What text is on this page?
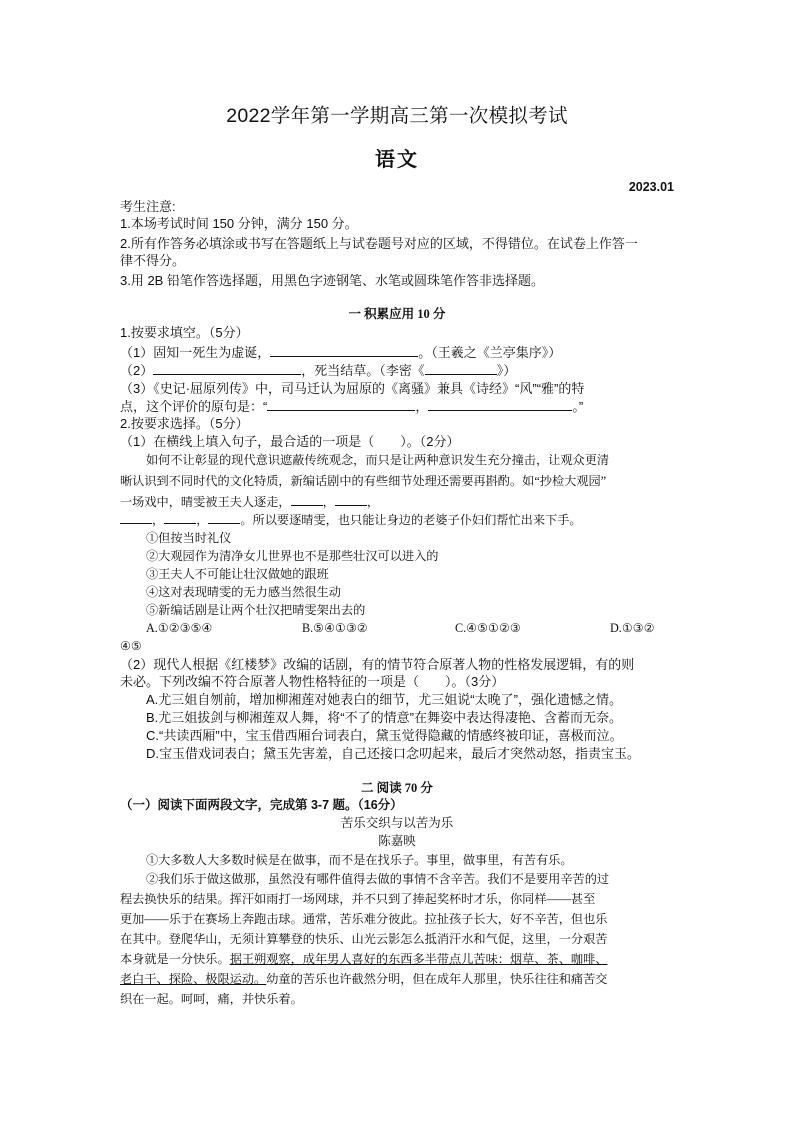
2022学年第一学期高三第一次模拟考试
语文
2023.01
考生注意:
1.本场考试时间 150 分钟，满分 150 分。
2.所有作答务必填涂或书写在答题纸上与试卷题号对应的区域，不得错位。在试卷上作答一
律不得分。
3.用 2B 铅笔作答选择题，用黑色字迹钢笔、水笔或圆珠笔作答非选择题。
一 积累应用 10 分
1.按要求填空。（5分）
（1）固知一死生为虚诞，	。（王羲之《兰亭集序》）
（2）	，死当结草。（李密《	》）
（3）《史记·屈原列传》中，司马迁认为屈原的《离骚》兼具《诗经》“风”“雅”的特
点，这个评价的原句是：“	，	。”
2.按要求选择。（5分）
（1）在横线上填入句子，最合适的一项是（　　）。（2分）
如何不让彰显的现代意识遮蔽传统观念，而只是让两种意识发生充分撞击，让观众更清
晰认识到不同时代的文化特质，新编话剧中的有些细节处理还需要再斟酌。如“抄检大观园”
一场戏中，晴雯被王夫人逐走，	，	，
，	，	。所以要逐晴雯，也只能让身边的老婆子仆妇们帮忙出来下手。
①但按当时礼仪
②大观园作为清净女儿世界也不是那些壮汉可以进入的
③王夫人不可能让壮汉做她的跟班
④这对表现晴雯的无力感当然很生动
⑤新编话剧是让两个壮汉把晴雯架出去的
A.①②③⑤④	B.⑤④①③②	C.④⑤①②③	D.①③②
④⑤
（2）现代人根据《红楼梦》改编的话剧，有的情节符合原著人物的性格发展逻辑，有的则
未必。下列改编不符合原著人物性格特征的一项是（　　）。（3分）
A.尤三姐自刎前，增加柳湘莲对她表白的细节，尤三姐说“太晚了”，强化遗憾之情。
B.尤三姐拔剑与柳湘莲双人舞，将“不了的情意”在舞姿中表达得凄艳、含蓄而无奈。
C.“共读西厢”中，宝玉借西厢台词表白，黛玉觉得隐藏的情感终被印证，喜极而泣。
D.宝玉借戏词表白；黛玉先害羞，自己还接口念叨起来，最后才突然动怒，指责宝玉。
二 阅读 70 分
（一）阅读下面两段文字，完成第 3-7 题。（16分）
苦乐交织与以苦为乐
陈嘉映
①大多数人大多数时候是在做事，而不是在找乐子。事里，做事里，有苦有乐。
②我们乐于做这做那，虽然没有哪件值得去做的事情不含辛苦。我们不是要用辛苦的过
程去换快乐的结果。挥汗如雨打一场网球，并不只到了捧起奖杯时才乐，你同样——甚至
更加——乐于在赛场上奔跑击球。通常，苦乐难分彼此。拉扯孩子长大，好不辛苦，但也乐
在其中。登爬华山，无须计算攀登的快乐、山光云影怎么抵消汗水和气促，这里，一分艰苦
本身就是一分快乐。据王朔观察，成年男人喜好的东西多半带点儿苦味：烟草、茶、咖啡、
老白干、探险、极限运动。幼童的苦乐也许截然分明，但在成年人那里，快乐往往和痛苦交
织在一起。呵呵，痛，并快乐着。
